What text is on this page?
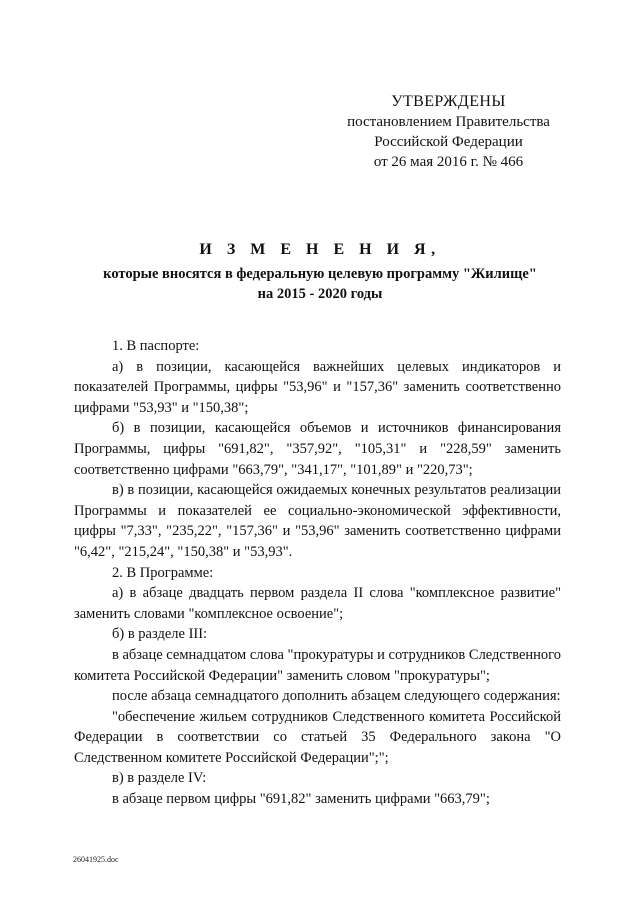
УТВЕРЖДЕНЫ
постановлением Правительства
Российской Федерации
от 26 мая 2016 г. № 466
И З М Е Н Е Н И Я,
которые вносятся в федеральную целевую программу "Жилище"
на 2015 - 2020 годы

1. В паспорте:

а) в позиции, касающейся важнейших целевых индикаторов и показателей Программы, цифры "53,96" и "157,36" заменить соответственно цифрами "53,93" и "150,38";

б) в позиции, касающейся объемов и источников финансирования Программы, цифры "691,82", "357,92", "105,31" и "228,59" заменить соответственно цифрами "663,79", "341,17", "101,89" и "220,73";

в) в позиции, касающейся ожидаемых конечных результатов реализации Программы и показателей ее социально-экономической эффективности, цифры "7,33", "235,22", "157,36" и "53,96" заменить соответственно цифрами "6,42", "215,24", "150,38" и "53,93".

2. В Программе:

а) в абзаце двадцать первом раздела II слова "комплексное развитие" заменить словами "комплексное освоение";

б) в разделе III:

в абзаце семнадцатом слова "прокуратуры и сотрудников Следственного комитета Российской Федерации" заменить словом "прокуратуры";

после абзаца семнадцатого дополнить абзацем следующего содержания:

"обеспечение жильем сотрудников Следственного комитета Российской Федерации в соответствии со статьей 35 Федерального закона "О Следственном комитете Российской Федерации";";

в) в разделе IV:

в абзаце первом цифры "691,82" заменить цифрами "663,79";

26041925.doc
